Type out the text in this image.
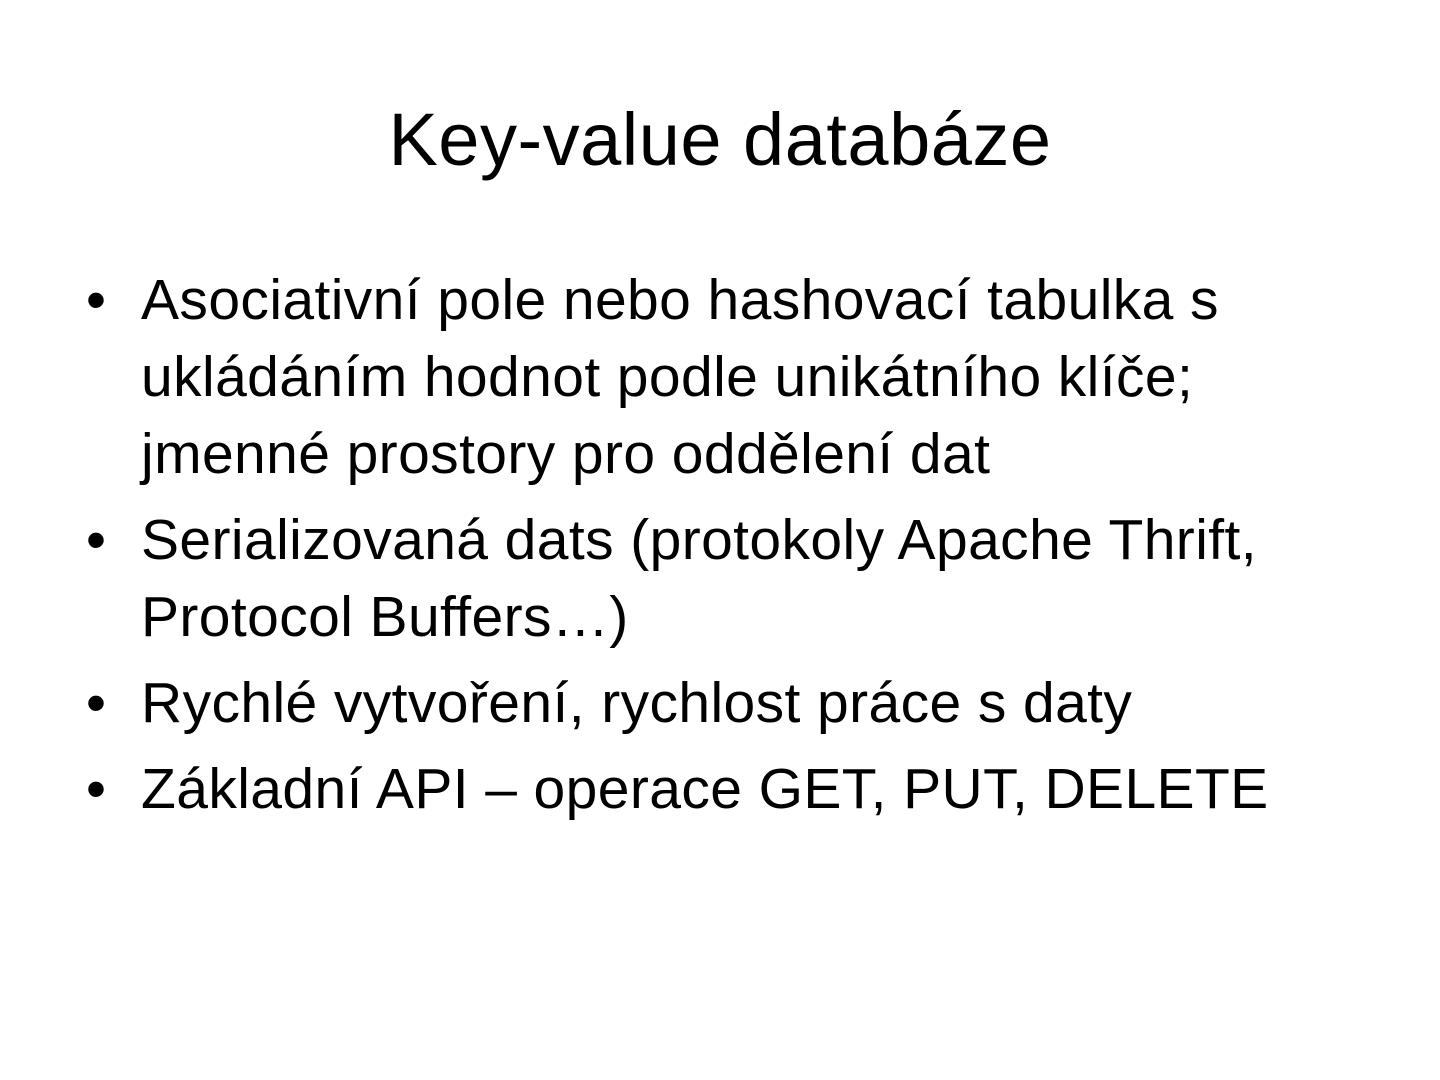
Key-value databáze
• Asociativní pole nebo hashovací tabulka s ukládáním hodnot podle unikátního klíče; jmenné prostory pro oddělení dat
• Serializovaná dats (protokoly Apache Thrift, Protocol Buffers…)
• Rychlé vytvoření, rychlost práce s daty
• Základní API – operace GET, PUT, DELETE
